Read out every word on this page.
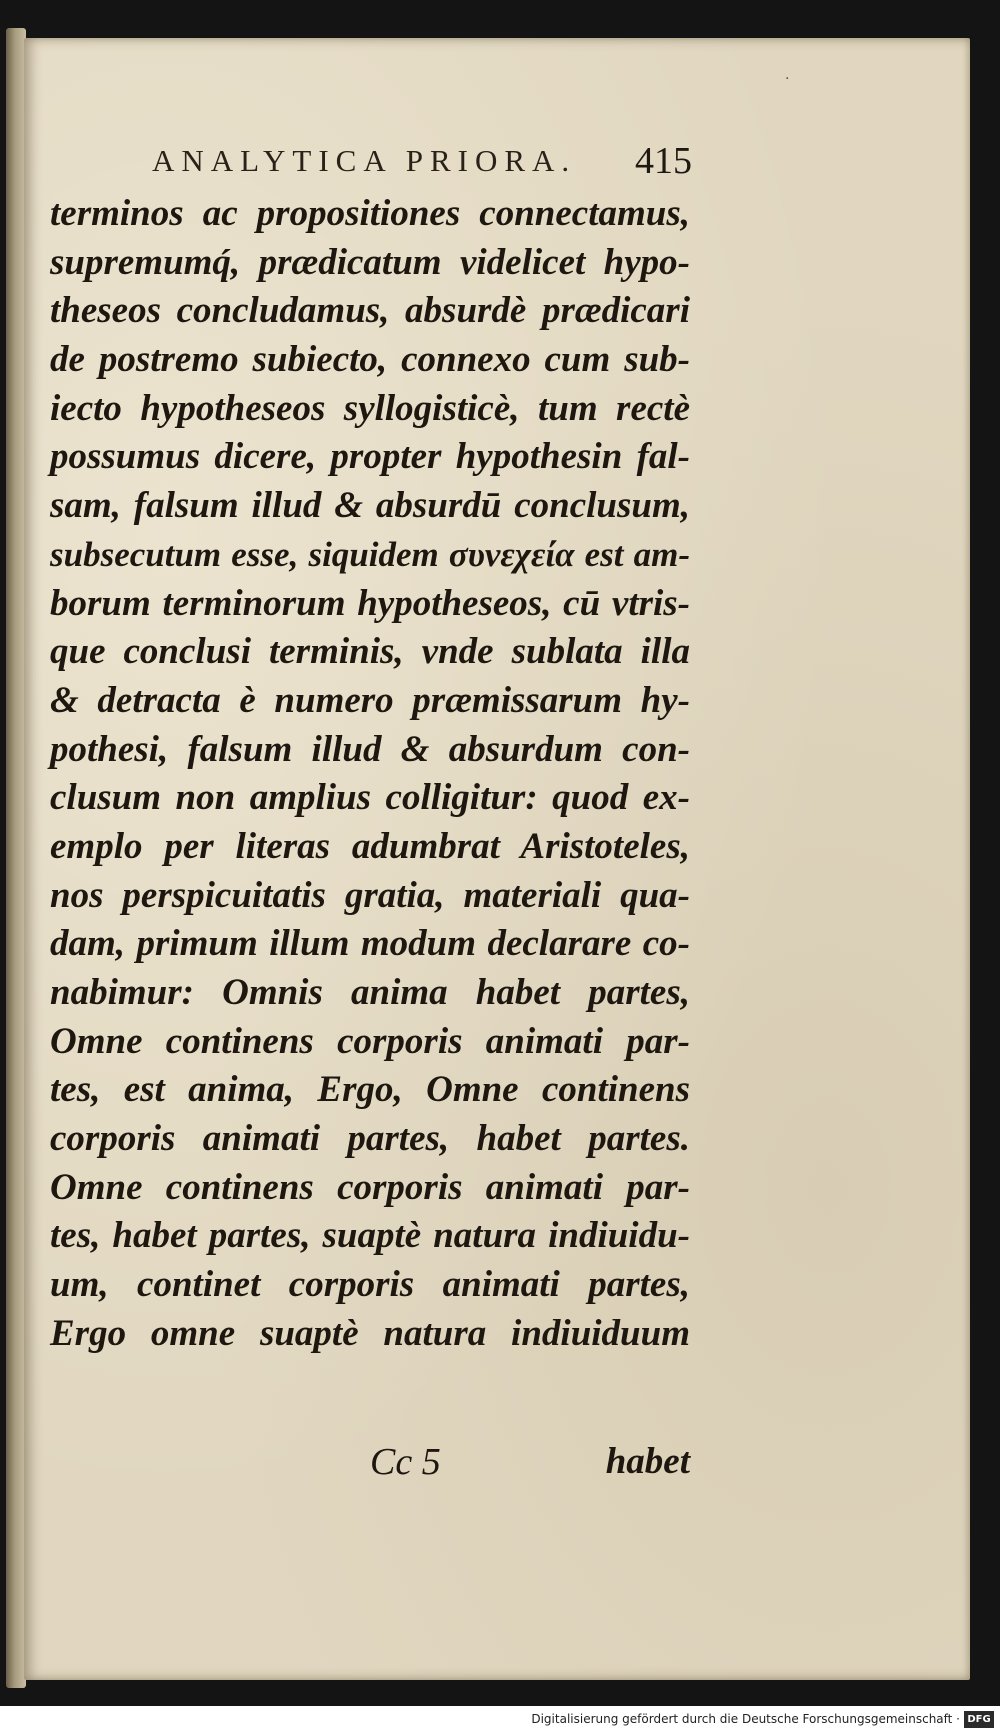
·
ANALYTICA PRIORA. 415
terminos ac propositiones connectamus,
supremumq́, prædicatum videlicet hypo-
theseos concludamus, absurdè prædicari
de postremo subiecto, connexo cum sub-
iecto hypotheseos syllogisticè, tum rectè
possumus dicere, propter hypothesin fal-
sam, falsum illud & absurdū conclusum,
subsecutum esse, siquidem συνεχεία est am-
borum terminorum hypotheseos, cū vtris-
que conclusi terminis, vnde sublata illa
& detracta è numero præmissarum hy-
pothesi, falsum illud & absurdum con-
clusum non amplius colligitur: quod ex-
emplo per literas adumbrat Aristoteles,
nos perspicuitatis gratia, materiali qua-
dam, primum illum modum declarare co-
nabimur: Omnis anima habet partes,
Omne continens corporis animati par-
tes, est anima, Ergo, Omne continens
corporis animati partes, habet partes.
Omne continens corporis animati par-
tes, habet partes, suaptè natura indiuidu-
um, continet corporis animati partes,
Ergo omne suaptè natura indiuiduum
Cc 5	habet
Digitalisierung gefördert durch die Deutsche Forschungsgemeinschaft · DFG
